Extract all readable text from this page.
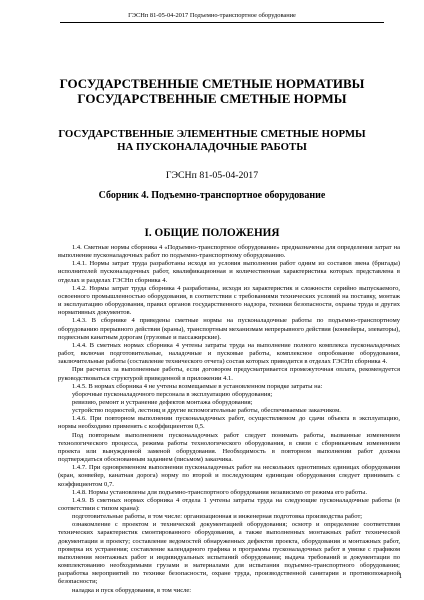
ГЭСНп 81-05-04-2017 Подъемно-транспортное оборудование
ГОСУДАРСТВЕННЫЕ СМЕТНЫЕ НОРМАТИВЫ
ГОСУДАРСТВЕННЫЕ СМЕТНЫЕ НОРМЫ
ГОСУДАРСТВЕННЫЕ ЭЛЕМЕНТНЫЕ СМЕТНЫЕ НОРМЫ
НА ПУСКОНАЛАДОЧНЫЕ РАБОТЫ
ГЭСНп 81-05-04-2017
Сборник 4. Подъемно-транспортное оборудование
I. ОБЩИЕ ПОЛОЖЕНИЯ

1.4. Сметные нормы сборника 4 «Подъемно-транспортное оборудование» предназначены для определения затрат на выполнение пусконаладочных работ по подъемно-транспортному оборудованию.

1.4.1. Нормы затрат труда разработаны исходя из условия выполнения работ одним из составов звена (бригады) исполнителей пусконаладочных работ, квалификационная и количественная характеристика которых представлена в отделах и разделах ГЭСНп сборника 4.

1.4.2. Нормы затрат труда сборника 4 разработаны, исходя из характеристик и сложности серийно выпускаемого, освоенного промышленностью оборудования, в соответствии с требованиями технических условий на поставку, монтаж и эксплуатацию оборудования, правил органов государственного надзора, техники безопасности, охраны труда и других нормативных документов.

1.4.3. В сборнике 4 приведены сметные нормы на пусконаладочные работы по подъемно-транспортному оборудованию прерывного действия (краны), транспортным механизмам непрерывного действия (конвейеры, элеваторы), подвесным канатным дорогам (грузовые и пассажирские).

1.4.4. В сметных нормах сборника 4 учтены затраты труда на выполнение полного комплекса пусконаладочных работ, включая подготовительные, наладочные и пусковые работы, комплексное опробование оборудования, заключительные работы (составление технического отчета) состав которых приводится в отделах ГЭСНп сборника 4.

При расчетах за выполненные работы, если договором предусматривается промежуточная оплата, рекомендуется руководствоваться структурой приведенной в приложении 4.1.

1.4.5. В нормах сборника 4 не учтены возмещаемые в установленном порядке затраты на:

уборочные пусконаладочного персонала в эксплуатацию оборудования;

ревизию, ремонт и устранение дефектов монтажа оборудования;

устройство подмостей, лестниц и другие вспомогательные работы, обеспечиваемые заказчиком.

1.4.6. При повторном выполнении пусконаладочных работ, осуществляемом до сдачи объекта в эксплуатацию, нормы необходимо применять с коэффициентом 0,5.

Под повторным выполнением пусконаладочных работ следует понимать работы, вызванные изменением технологического процесса, режима работы технологического оборудования, в связи с сборникачным изменением проекта или вынужденной заменой оборудования. Необходимость в повторном выполнении работ должна подтверждаться обоснованным заданием (письмом) заказчика.

1.4.7. При одновременном выполнении пусконаладочных работ на нескольких однотипных единицах оборудования (кран, конвейер, канатная дорога) норму по второй и последующим единицам оборудования следует принимать с коэффициентом 0,7.

1.4.8. Нормы установлены для подъемно-транспортного оборудования независимо от режима его работы.

1.4.9. В сметных нормах сборника 4 отдела 1 учтены затраты труда на следующие пусконаладочные работы (в соответствии с типом крана):

подготовительные работы, в том числе: организационная и инженерная подготовка производства работ;

ознакомление с проектом и технической документацией оборудования; осмотр и определение соответствия технических характеристик смонтированного оборудования, а также выполненных монтажных работ технической документации и проекту; составление ведомостей обнаруженных дефектов проекта, оборудования и монтажных работ, проверка их устранения; составление календарного графика и программы пусконаладочных работ в увязке с графиком выполнения монтажных работ и индивидуальных испытаний оборудования; выдача требований и документации по комплектованию необходимыми грузами и материалами для испытания подъемно-транспортного оборудования; разработка мероприятий по технике безопасности, охране труда, производственной санитарии и противопожарной безопасности;

наладка и пуск оборудования, в том числе:

1
